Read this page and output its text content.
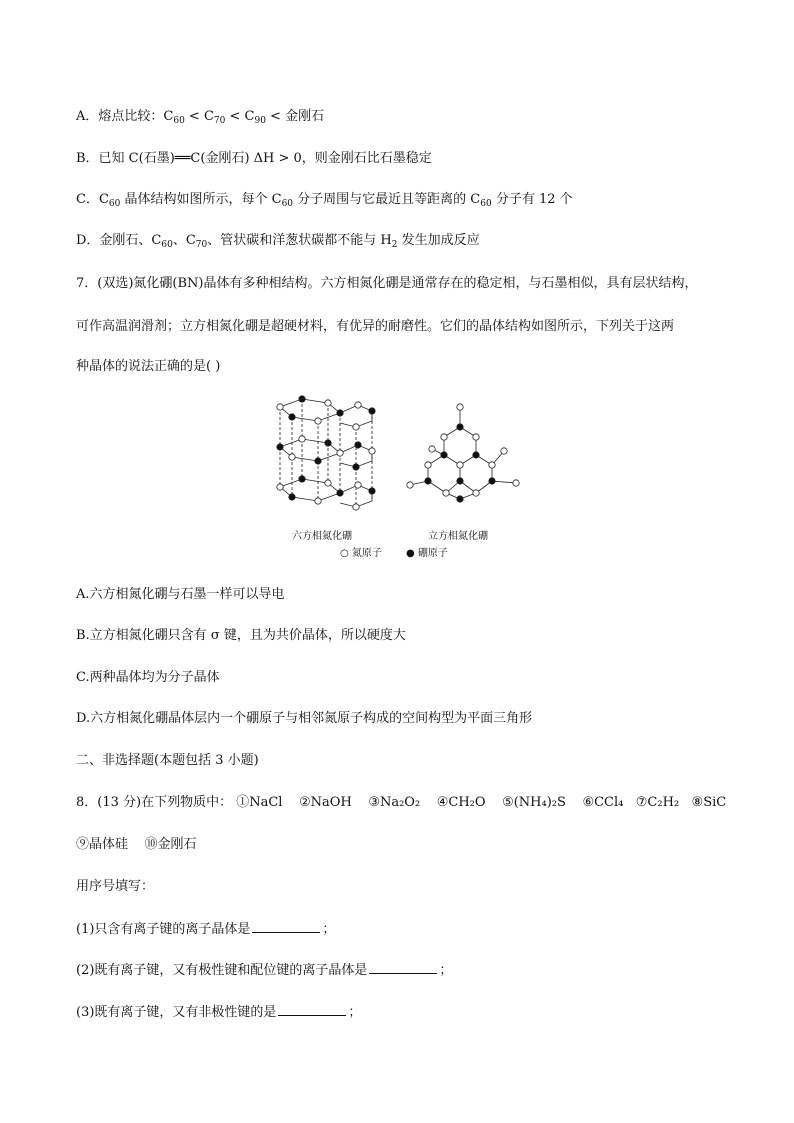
A．熔点比较：$C_{60} < C_{70} < C_{90}$ < 金刚石
B．已知 C(石墨)══C(金刚石) ΔH > 0，则金刚石比石墨稳定
C．$C_{60}$ 晶体结构如图所示，每个 $C_{60}$ 分子周围与它最近且等距离的 $C_{60}$ 分子有 12 个
D．金刚石、$C_{60}$、$C_{70}$、管状碳和洋葱状碳都不能与 $H_2$ 发生加成反应
7．(双选)氮化硼(BN)晶体有多种相结构。六方相氮化硼是通常存在的稳定相，与石墨相似，具有层状结构，
可作高温润滑剂；立方相氮化硼是超硬材料，有优异的耐磨性。它们的晶体结构如图所示，下列关于这两
种晶体的说法正确的是( )
六方相氮化硼	立方相氮化硼
○ 氮原子 ● 硼原子
A.六方相氮化硼与石墨一样可以导电
B.立方相氮化硼只含有 σ 键，且为共价晶体，所以硬度大
C.两种晶体均为分子晶体
D.六方相氮化硼晶体层内一个硼原子与相邻氮原子构成的空间构型为平面三角形
二、非选择题(本题包括 3 小题)
8．(13 分)在下列物质中： ①NaCl ②NaOH ③Na₂O₂ ④CH₂O ⑤(NH₄)₂S ⑥CCl₄ ⑦C₂H₂ ⑧SiC
⑨晶体硅 ⑩金刚石
用序号填写：
(1)只含有离子键的离子晶体是	；
(2)既有离子键，又有极性键和配位键的离子晶体是	；
(3)既有离子键，又有非极性键的是	；
